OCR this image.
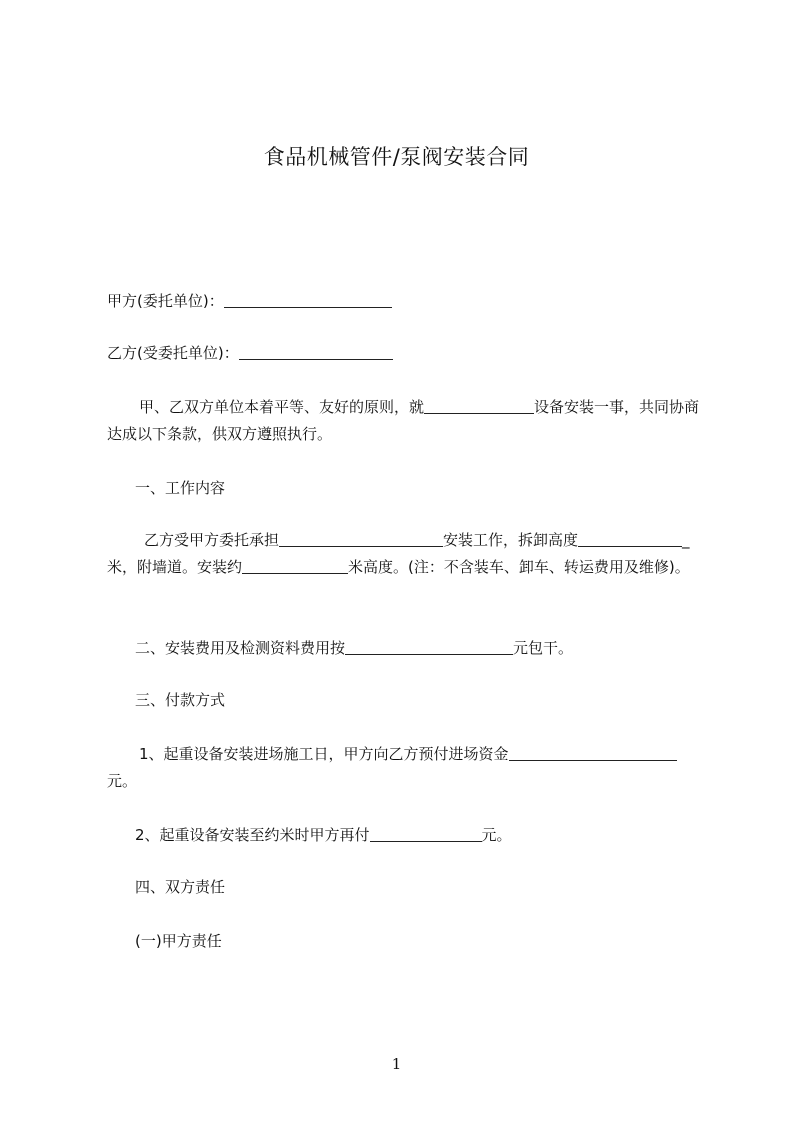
食品机械管件/泵阀安装合同

甲方(委托单位)：

乙方(受委托单位)：

甲、乙双方单位本着平等、友好的原则，就	设备安装一事，共同协商达成以下条款，供双方遵照执行。

一、工作内容

乙方受甲方委托承担	安装工作，拆卸高度	_米，附墙道。安装约	米高度。(注：不含装车、卸车、转运费用及维修)。

二、安装费用及检测资料费用按	元包干。

三、付款方式

1、起重设备安装进场施工日，甲方向乙方预付进场资金元。

2、起重设备安装至约米时甲方再付	元。

四、双方责任

(一)甲方责任

1
